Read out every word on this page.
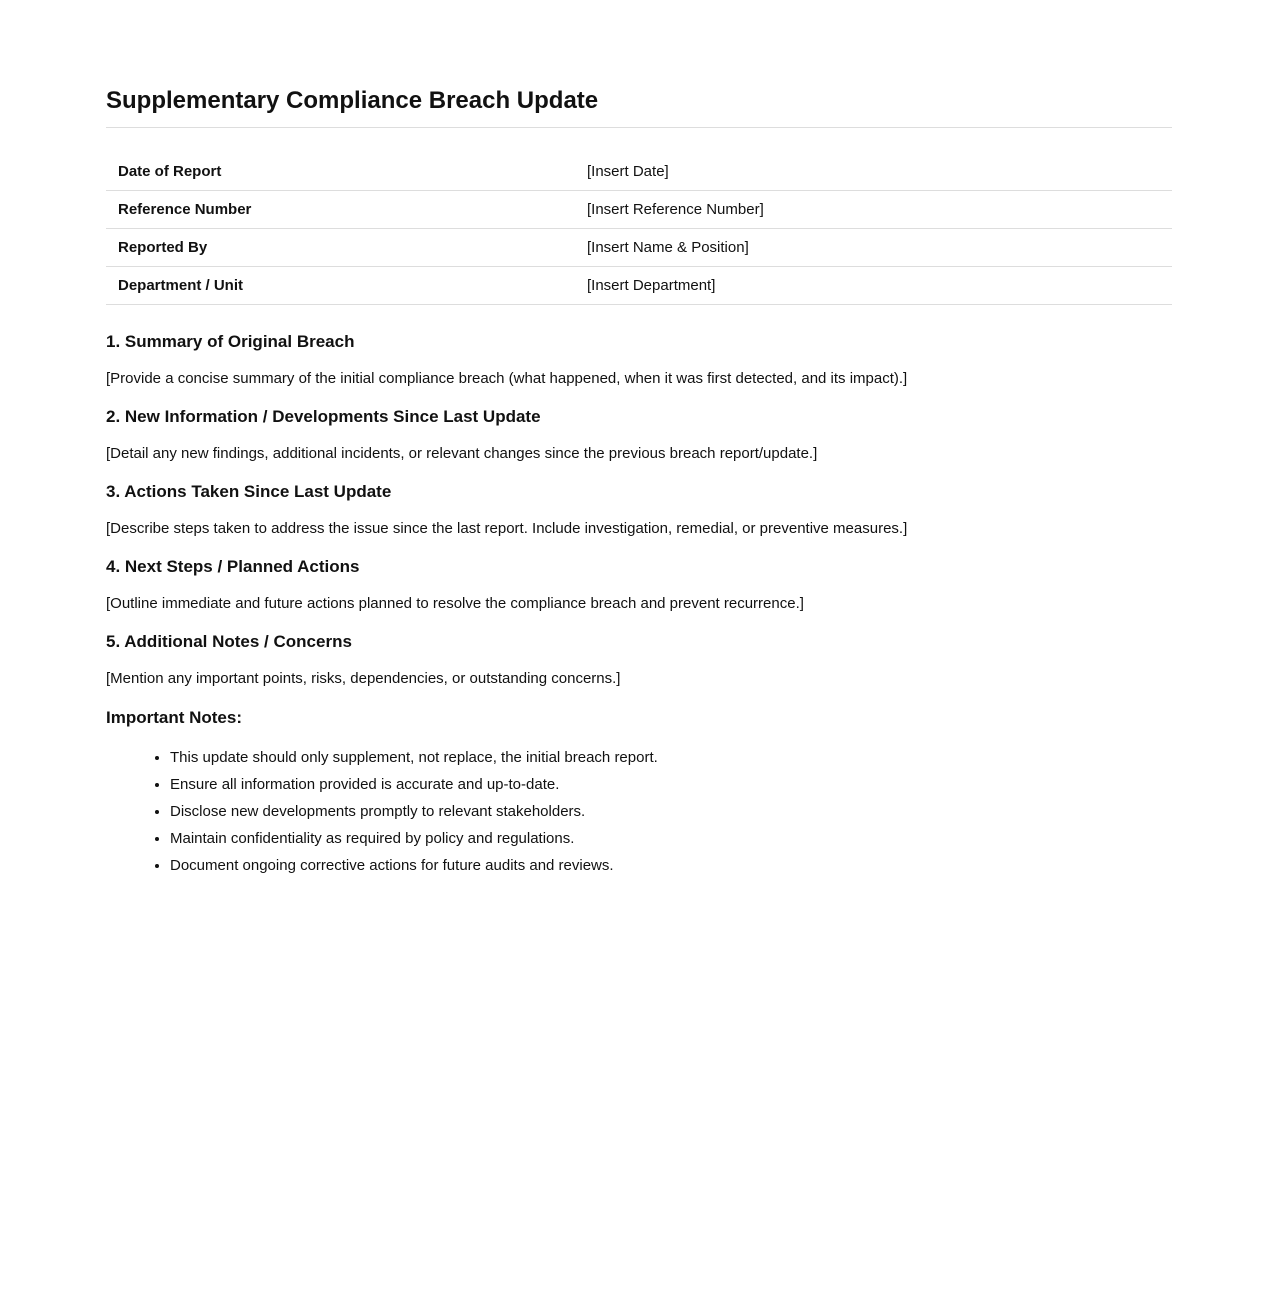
Supplementary Compliance Breach Update
Date of Report	[Insert Date]
Reference Number	[Insert Reference Number]
Reported By	[Insert Name & Position]
Department / Unit	[Insert Department]
1. Summary of Original Breach

[Provide a concise summary of the initial compliance breach (what happened, when it was first detected, and its impact).]

2. New Information / Developments Since Last Update

[Detail any new findings, additional incidents, or relevant changes since the previous breach report/update.]

3. Actions Taken Since Last Update

[Describe steps taken to address the issue since the last report. Include investigation, remedial, or preventive measures.]

4. Next Steps / Planned Actions

[Outline immediate and future actions planned to resolve the compliance breach and prevent recurrence.]

5. Additional Notes / Concerns

[Mention any important points, risks, dependencies, or outstanding concerns.]

Important Notes:
• This update should only supplement, not replace, the initial breach report.
• Ensure all information provided is accurate and up-to-date.
• Disclose new developments promptly to relevant stakeholders.
• Maintain confidentiality as required by policy and regulations.
• Document ongoing corrective actions for future audits and reviews.
